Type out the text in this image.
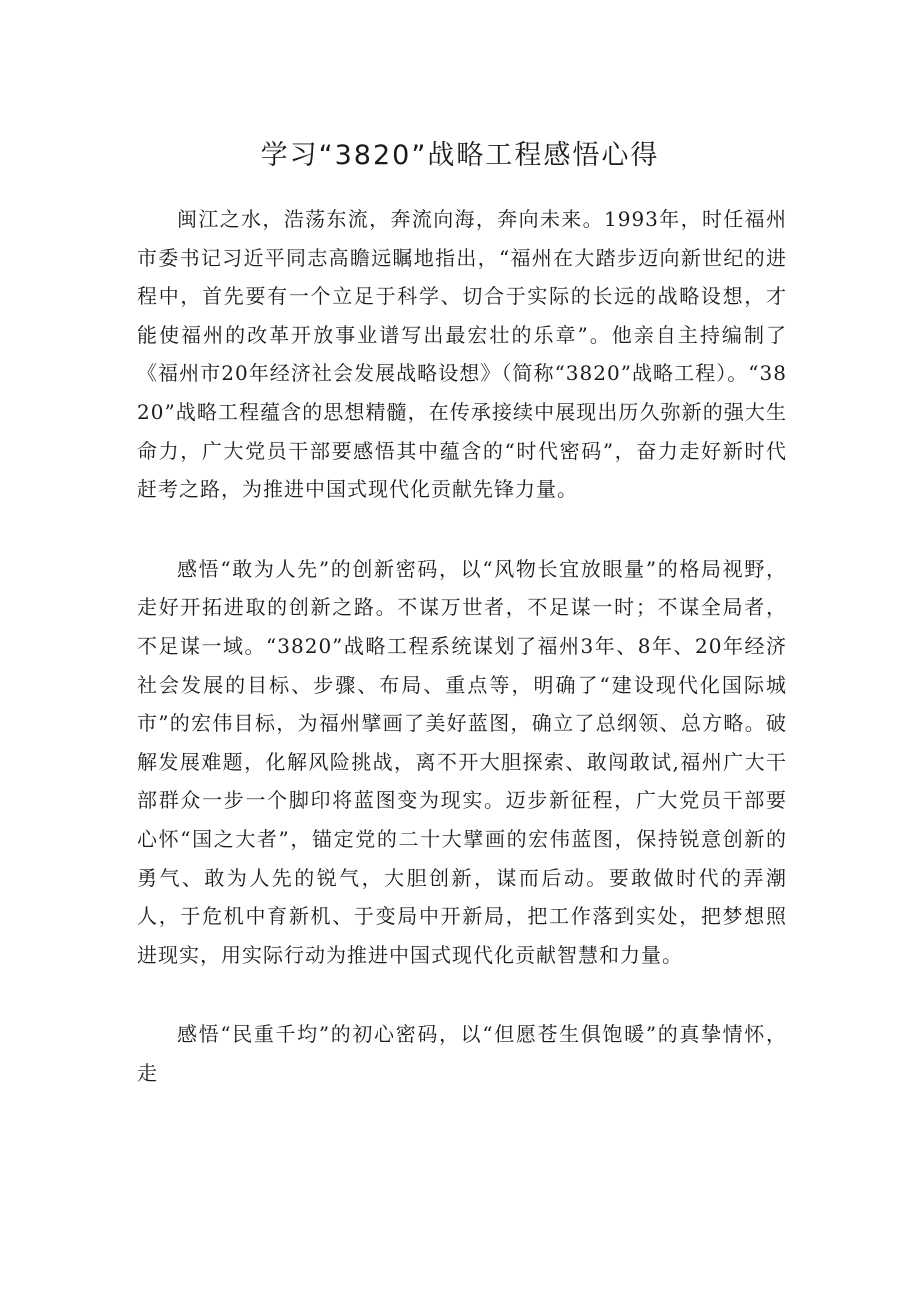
学习“3820”战略工程感悟心得

闽江之水，浩荡东流，奔流向海，奔向未来。1993年，时任福州市委书记习近平同志高瞻远瞩地指出，“福州在大踏步迈向新世纪的进程中，首先要有一个立足于科学、切合于实际的长远的战略设想，才能使福州的改革开放事业谱写出最宏壮的乐章”。他亲自主持编制了《福州市20年经济社会发展战略设想》（简称“3820”战略工程）。“3820”战略工程蕴含的思想精髓，在传承接续中展现出历久弥新的强大生命力，广大党员干部要感悟其中蕴含的“时代密码”，奋力走好新时代赶考之路，为推进中国式现代化贡献先锋力量。

感悟“敢为人先”的创新密码，以“风物长宜放眼量”的格局视野，走好开拓进取的创新之路。不谋万世者，不足谋一时；不谋全局者，不足谋一域。“3820”战略工程系统谋划了福州3年、8年、20年经济社会发展的目标、步骤、布局、重点等，明确了“建设现代化国际城市”的宏伟目标，为福州擘画了美好蓝图，确立了总纲领、总方略。破解发展难题，化解风险挑战，离不开大胆探索、敢闯敢试,福州广大干部群众一步一个脚印将蓝图变为现实。迈步新征程，广大党员干部要心怀“国之大者”，锚定党的二十大擘画的宏伟蓝图，保持锐意创新的勇气、敢为人先的锐气，大胆创新，谋而后动。要敢做时代的弄潮人，于危机中育新机、于变局中开新局，把工作落到实处，把梦想照进现实，用实际行动为推进中国式现代化贡献智慧和力量。

感悟“民重千均”的初心密码，以“但愿苍生俱饱暖”的真挚情怀，走
